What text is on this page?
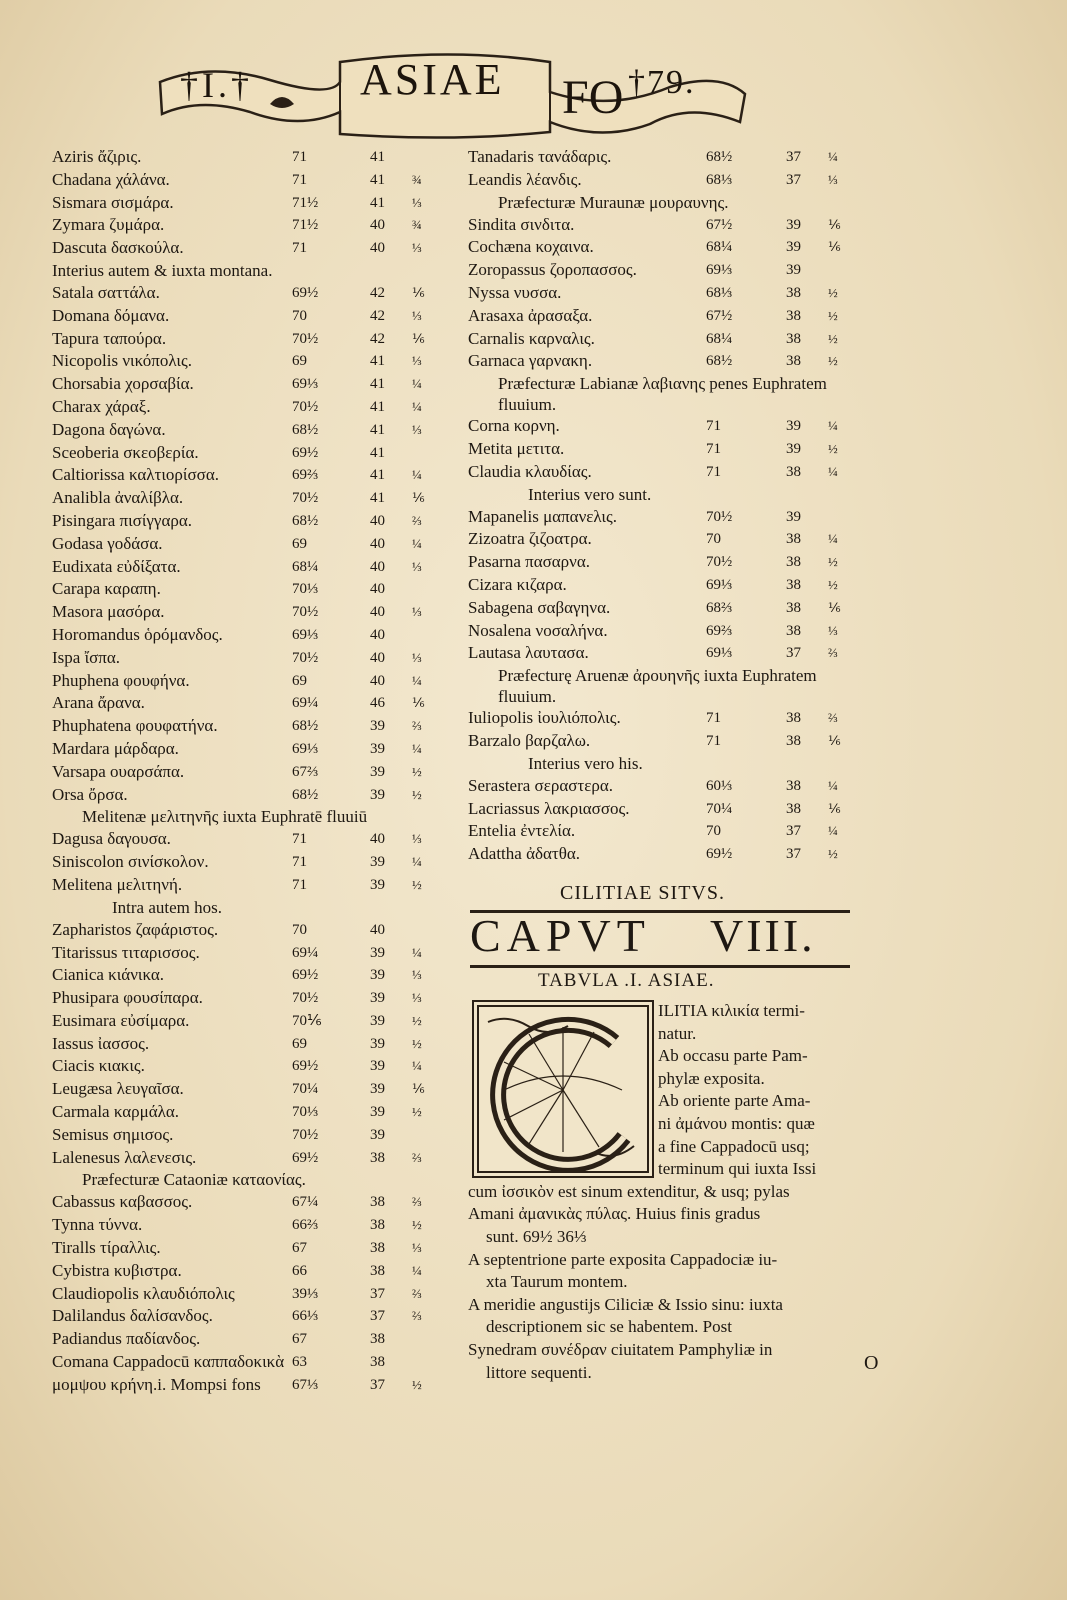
†I.† ASIAE FO †79.
Aziris ἄζιρις.	71	41
Chadana χάλάνα.	71	41 ¾
Sismara σισμάρα.	71½	41 ⅓
Zymara ζυμάρα.	71½	40 ¾
Dascuta δασκούλα.	71	40 ⅓
Interius autem & iuxta montana.
Satala σαττάλα.	69½	42 ⅙
Domana δόμανα.	70	42 ⅓
Tapura ταπούρα.	70½	42 ⅙
Nicopolis νικόπολις.	69	41 ⅓
Chorsabia χορσαβία.	69⅓	41 ¼
Charax χάραξ.	70½	41 ¼
Dagona δαγώνα.	68½	41 ⅓
Sceoberia σκεοβερία.	69½	41
Caltiorissa καλτιορίσσα.	69⅔	41 ¼
Analibla ἀναλίβλα.	70½	41 ⅙
Pisingara πισίγγαρα.	68½	40 ⅔
Godasa γοδάσα.	69	40 ¼
Eudixata εὐδίξατα.	68¼	40 ⅓
Carapa καραπη.	70⅓	40
Masora μασόρα.	70½	40 ⅓
Horomandus ὁρόμανδος.	69⅓	40
Ispa ἴσπα.	70½	40 ⅓
Phuphena φουφήνα.	69	40 ¼
Arana ἄρανα.	69¼	46 ⅙
Phuphatena φουφατήνα.	68½	39 ⅔
Mardara μάρδαρα.	69⅓	39 ¼
Varsapa ουαρσάπα.	67⅔	39 ½
Orsa ὄρσα.	68½	39 ½
Melitenæ μελιτηνῆς iuxta Euphratē fluuiū
Dagusa δαγουσα.	71	40 ⅓
Siniscolon σινίσκολον.	71	39 ¼
Melitena μελιτηνή.	71	39 ½
Intra autem hos.
Zapharistos ζαφάριστος.	70	40
Titarissus τιταρισσος.	69¼	39 ¼
Cianica κιάνικα.	69½	39 ⅓
Phusipara φουσίπαρα.	70½	39 ⅓
Eusimara εὐσίμαρα.	70⅙	39 ½
Iassus ἰασσος.	69	39 ½
Ciacis κιακις.	69½	39 ¼
Leugæsa λευγαῖσα.	70¼	39 ⅙
Carmala καρμάλα.	70⅓	39 ½
Semisus σημισος.	70½	39
Lalenesus λαλενεσις.	69½	38 ⅔
Præfecturæ Cataoniæ καταονίας.
Cabassus καβασσος.	67¼	38 ⅔
Tynna τύννα.	66⅔	38 ½
Tiralls τίραλλις.	67	38 ⅓
Cybistra κυβιστρα.	66	38 ¼
Claudiopolis κλαυδιόπολις	39⅓	37 ⅔
Dalilandus δαλίσανδος.	66⅓	37 ⅔
Padiandus παδίανδος.	67	38
Comana Cappadocū καππαδοκικὰ 63	38
μομψου κρήνη.i. Mompsi fons 67⅓	37 ½
Tanadaris τανάδαρις.	68½	37 ¼
Leandis λέανδις.	68⅓	37 ⅓
Præfecturæ Muraunæ μουραυνης.
Sindita σινδιτα.	67½	39 ⅙
Cochæna κοχαινα.	68¼	39 ⅙
Zoropassus ζοροπασσος.	69⅓	39
Nyssa νυσσα.	68⅓	38 ½
Arasaxa ἀρασαξα.	67½	38 ½
Carnalis καρναλις.	68¼	38 ½
Garnaca γαρνακη.	68½	38 ½
Præfecturæ Labianæ λαβιανης penes Euphratem fluuium.
Corna κορνη.	71	39 ¼
Metita μετιτα.	71	39 ½
Claudia κλαυδίας.	71	38 ¼
Interius vero sunt.
Mapanelis μαπανελις.	70½	39
Zizoatra ζιζοατρα.	70	38 ¼
Pasarna πασαρνα.	70½	38 ½
Cizara κιζαρα.	69⅓	38 ½
Sabagena σαβαγηνα.	68⅔	38 ⅙
Nosalena νοσαλήνα.	69⅔	38 ⅓
Lautasa λαυτασα.	69⅓	37 ⅔
Præfecturę Aruenæ ἀρουηνῆς iuxta Euphratem fluuium.
Iuliopolis ἰουλιόπολις.	71	38 ⅔
Barzalo βαρζαλω.	71	38 ⅙
Interius vero his.
Serastera σεραστερα.	60⅓	38 ¼
Lacriassus λακριασσος.	70¼	38 ⅙
Entelia ἐντελία.	70	37 ¼
Adattha ἀδατθα.	69½	37 ½
CILITIAE SITVS.
CAPVT VIII.
TABVLA .I. ASIAE.
ILITIA κιλικία termi-
natur.
Ab occasu parte Pam-
phylæ exposita.
Ab oriente parte Ama-
ni ἀμάνου montis: quæ
a fine Cappadocū usq;
terminum qui iuxta Issi
cum ἰσσικὸν est sinum extenditur, & usq; pylas
Amani ἀμανικὰς πύλας. Huius finis gradus
sunt. 69½ 36⅓
A septentrione parte exposita Cappadociæ iu-
xta Taurum montem.
A meridie angustijs Ciliciæ & Issio sinu: iuxta
descriptionem sic se habentem. Post
Synedram συνέδραν ciuitatem Pamphyliæ in
littore sequenti.	O
